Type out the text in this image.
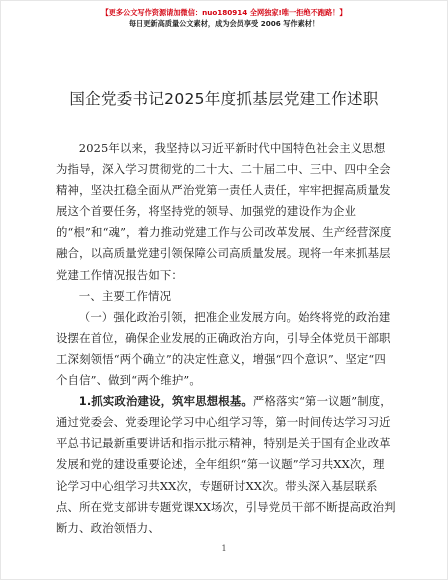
【更多公文写作资源请加微信：nuo180914 全网独家!唯一拒绝不跑路！】
每日更新高质量公文素材，成为会员享受 2006 写作素材！
国企党委书记2025年度抓基层党建工作述职

2025年以来，我坚持以习近平新时代中国特色社会主义思想为指导，深入学习贯彻党的二十大、二十届二中、三中、四中全会精神，坚决扛稳全面从严治党第一责任人责任，牢牢把握高质量发展这个首要任务，将坚持党的领导、加强党的建设作为企业的“根”和“魂”，着力推动党建工作与公司改革发展、生产经营深度融合，以高质量党建引领保障公司高质量发展。现将一年来抓基层党建工作情况报告如下：

一、主要工作情况

（一）强化政治引领，把准企业发展方向。始终将党的政治建设摆在首位，确保企业发展的正确政治方向，引导全体党员干部职工深刻领悟“两个确立”的决定性意义，增强“四个意识”、坚定“四个自信”、做到“两个维护”。

1.抓实政治建设，筑牢思想根基。严格落实“第一议题”制度，通过党委会、党委理论学习中心组学习等，第一时间传达学习习近平总书记最新重要讲话和指示批示精神，特别是关于国有企业改革发展和党的建设重要论述，全年组织“第一议题”学习共XX次，理论学习中心组学习共XX次，专题研讨XX次。带头深入基层联系点、所在党支部讲专题党课XX场次，引导党员干部不断提高政治判断力、政治领悟力、

1
